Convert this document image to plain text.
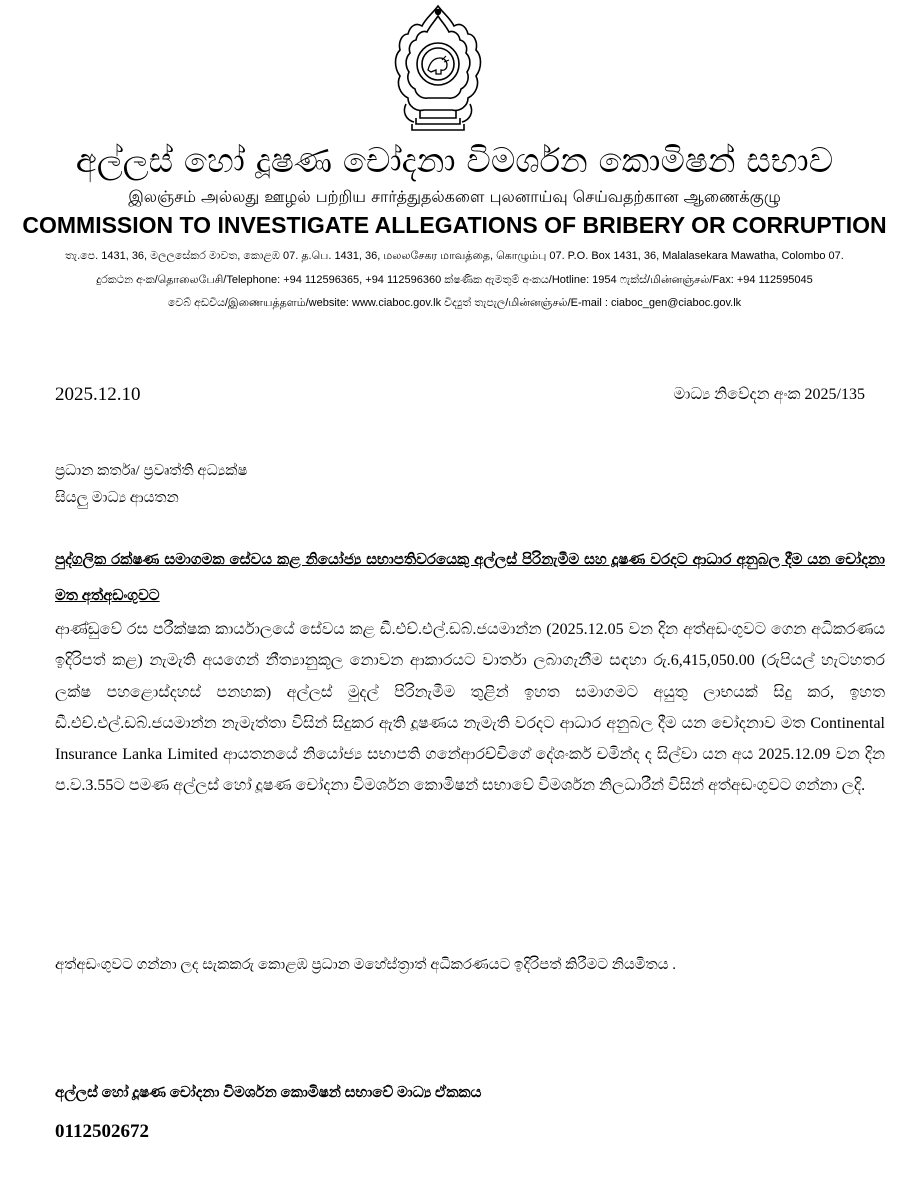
අල්ලස් හෝ දූෂණ චෝදනා විමර්ශන කොමිෂන් සභාව
இலஞ்சம் அல்லது ஊழல் பற்றிய சார்த்துதல்களை புலனாய்வு செய்வதற்கான ஆணைக்குழு
COMMISSION TO INVESTIGATE ALLEGATIONS OF BRIBERY OR CORRUPTION
තැ.පෙ. 1431, 36, මලලසේකර මාවත, කොළඹ 07. த.பெ. 1431, 36, மலலசேகர மாவத்தை, கொழும்பு 07. P.O. Box 1431, 36, Malalasekara Mawatha, Colombo 07.
දුරකථන අංක/தொலைபேசி/Telephone: +94 112596365, +94 112596360 ක්ෂණික ඇමතුම් අංකය/Hotline: 1954 ෆැක්ස්/மின்னஞ்சல்/Fax: +94 112595045
වෙබ් අඩවිය/இணையத்தளம்/website: www.ciaboc.gov.lk විද්‍යුත් තැපැල/மின்னஞ்சல்/E-mail : ciaboc_gen@ciaboc.gov.lk
2025.12.10	මාධ්‍ය නිවේදන අංක 2025/135
ප්‍රධාන කර්තෘ/ ප්‍රවෘත්ති අධ්‍යක්ෂ
සියලු මාධ්‍ය ආයතන
පුද්ගලික රක්ෂණ සමාගමක සේවය කළ නියෝජ්‍ය සභාපතිවරයෙකු අල්ලස් පිරිනැමීම සහ දූෂණ වරදට ආධාර අනුබල දීම යන චෝදනා මත අත්අඩංගුවට
ආණ්ඩුවේ රස පරීක්ෂක කාර්යාලයේ සේවය කළ ඩී.එච්.එල්.ඩබ්.ජයමාන්න (2025.12.05 වන දින අත්අඩංගුවට ගෙන අධිකරණය ඉදිරිපත් කළ) නැමැති අයගෙන් නීත්‍යානුකූල නොවන ආකාරයට වාර්තා ලබාගැනීම සඳහා රු.6,415,050.00 (රුපියල් හැටහතර ලක්ෂ පහළොස්දහස් පනහක) අල්ලස් මුදල් පිරිනැමීම තුළින් ඉහත සමාගමට අයුතු ලාභයක් සිදු කර, ඉහත ඩී.එච්.එල්.ඩබ්.ජයමාන්න නැමැත්තා විසින් සිදුකර ඇති දූෂණය නැමැති වරදට ආධාර අනුබල දීම යන චෝදනාව මත Continental Insurance Lanka Limited ආයතනයේ නියෝජ්‍ය සභාපති ගනේආරච්චිගේ දේශංකර් චමින්ද ද සිල්වා යන අය 2025.12.09 වන දින ප.ව.3.55ට පමණ අල්ලස් හෝ දූෂණ චෝදනා විමර්ශන කොමිෂන් සභාවේ විමර්ශන නිලධාරීන් විසින් අත්අඩංගුවට ගන්නා ලදි.
අත්අඩංගුවට ගන්නා ලද සැකකරු කොළඹ ප්‍රධාන මහේස්ත්‍රාත් අධිකරණයට ඉදිරිපත් කිරීමට නියමිතය .
අල්ලස් හෝ දූෂණ චෝදනා විමර්ශන කොමිෂන් සභාවේ මාධ්‍ය ඒකකය
0112502672
